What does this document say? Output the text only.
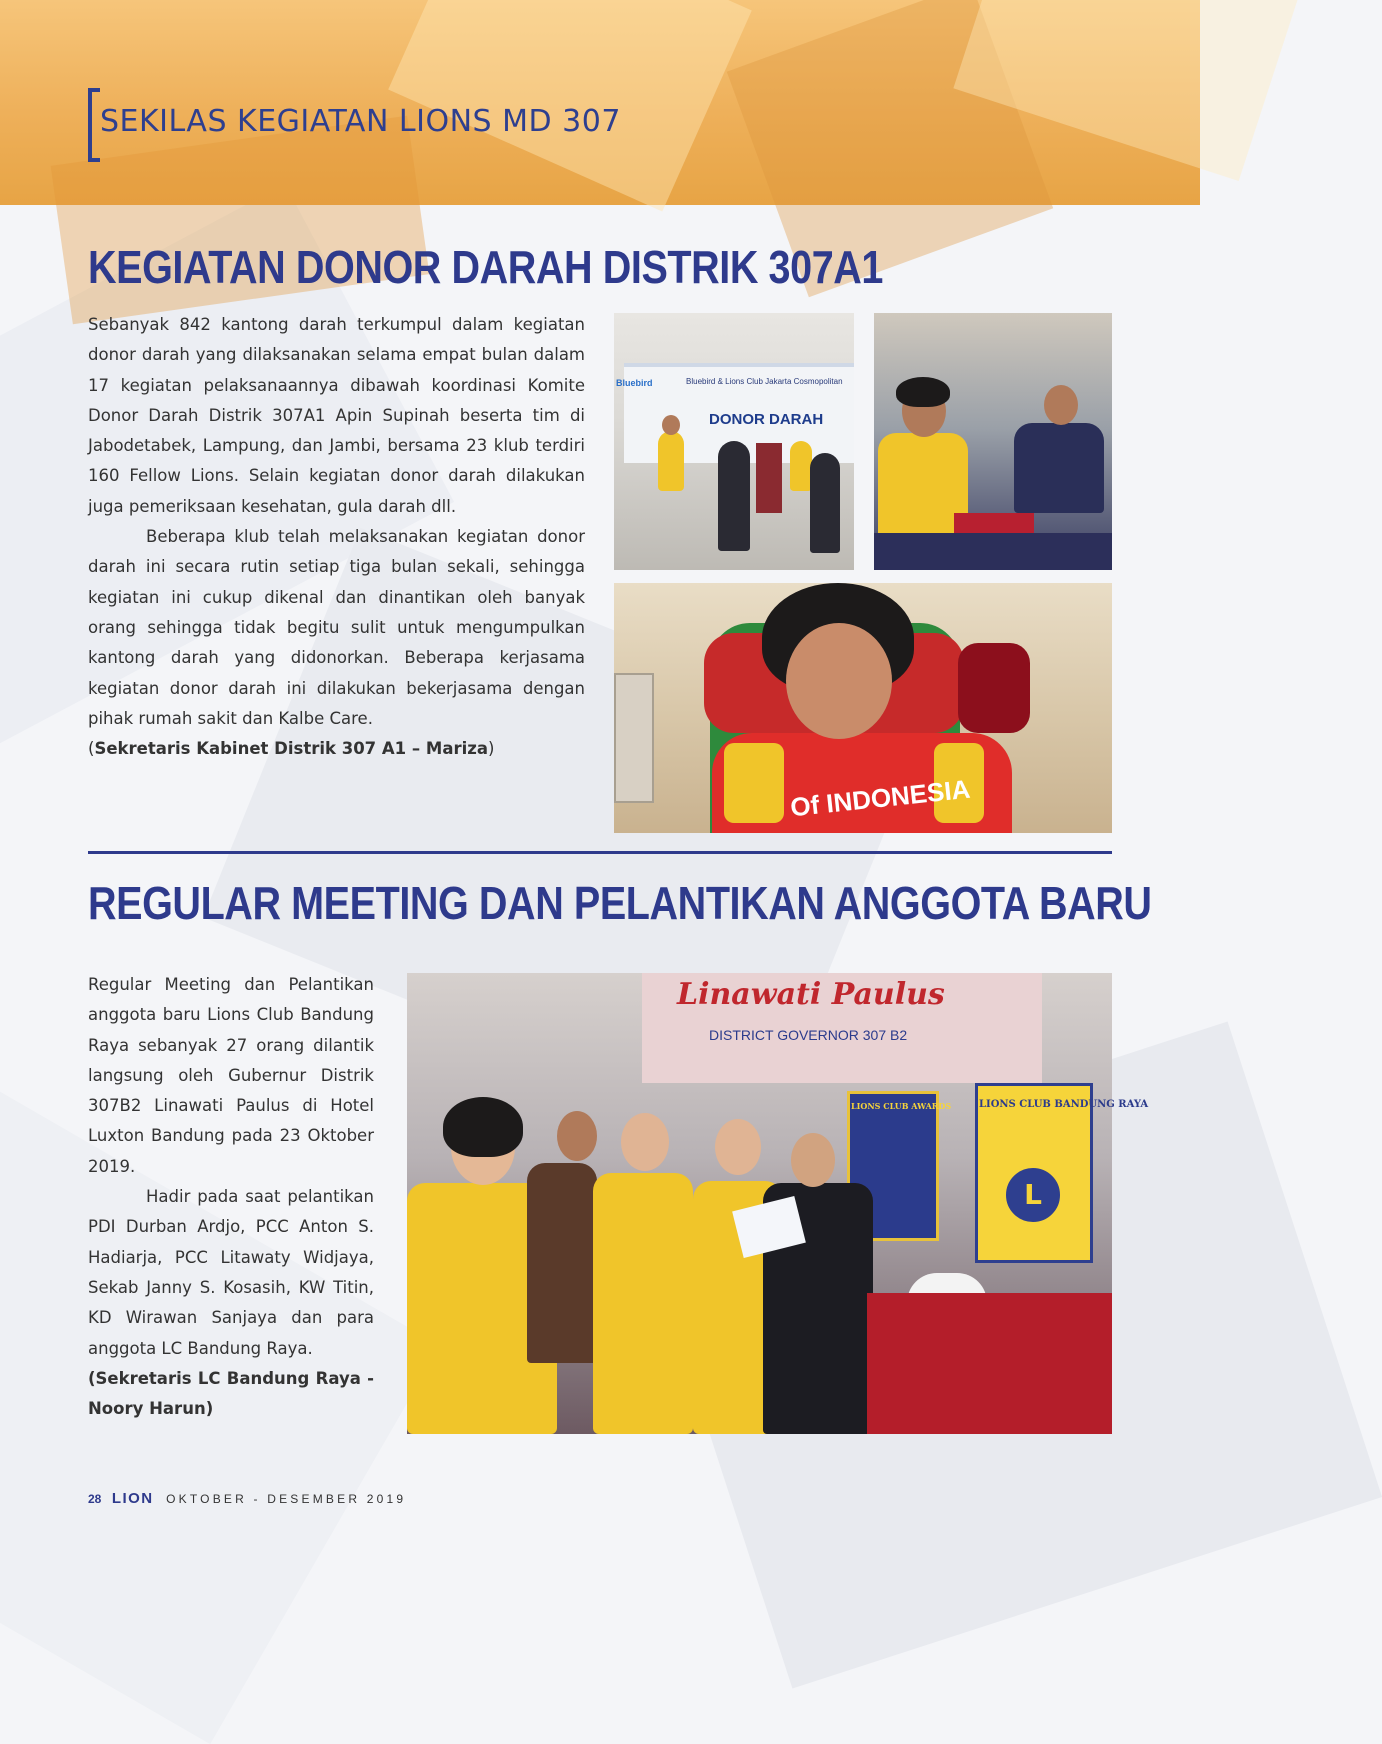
SEKILAS KEGIATAN LIONS MD 307
KEGIATAN DONOR DARAH DISTRIK 307A1

Sebanyak 842 kantong darah terkumpul dalam kegiatan donor darah yang dilaksanakan selama empat bulan dalam 17 kegiatan pelaksanaannya dibawah koordinasi Komite Donor Darah Distrik 307A1 Apin Supinah beserta tim di Jabodetabek, Lampung, dan Jambi, bersama 23 klub terdiri 160 Fellow Lions. Selain kegiatan donor darah dilakukan juga pemeriksaan kesehatan, gula darah dll.

Beberapa klub telah melaksanakan kegiatan donor darah ini secara rutin setiap tiga bulan sekali, sehingga kegiatan ini cukup dikenal dan dinantikan oleh banyak orang sehingga tidak begitu sulit untuk mengumpulkan kantong darah yang didonorkan. Beberapa kerjasama kegiatan donor darah ini dilakukan bekerjasama dengan pihak rumah sakit dan Kalbe Care.

(Sekretaris Kabinet Distrik 307 A1 – Mariza)

Bluebird	Bluebird & Lions Club Jakarta Cosmopolitan
DONOR DARAH
Of INDONESIA
REGULAR MEETING DAN PELANTIKAN ANGGOTA BARU

Regular Meeting dan Pelantikan anggota baru Lions Club Bandung Raya sebanyak 27 orang dilantik langsung oleh Gubernur Distrik 307B2 Linawati Paulus di Hotel Luxton Bandung pada 23 Oktober 2019.

Hadir pada saat pelantikan PDI Durban Ardjo, PCC Anton S. Hadiarja, PCC Litawaty Widjaya, Sekab Janny S. Kosasih, KW Titin, KD Wirawan Sanjaya dan para anggota LC Bandung Raya.

(Sekretaris LC Bandung Raya - Noory Harun)

Linawati Paulus
DISTRICT GOVERNOR 307 B2
LIONS CLUB BANDUNG RAYA
L
LIONS CLUB AWARDS
28 LION OKTOBER - DESEMBER 2019
